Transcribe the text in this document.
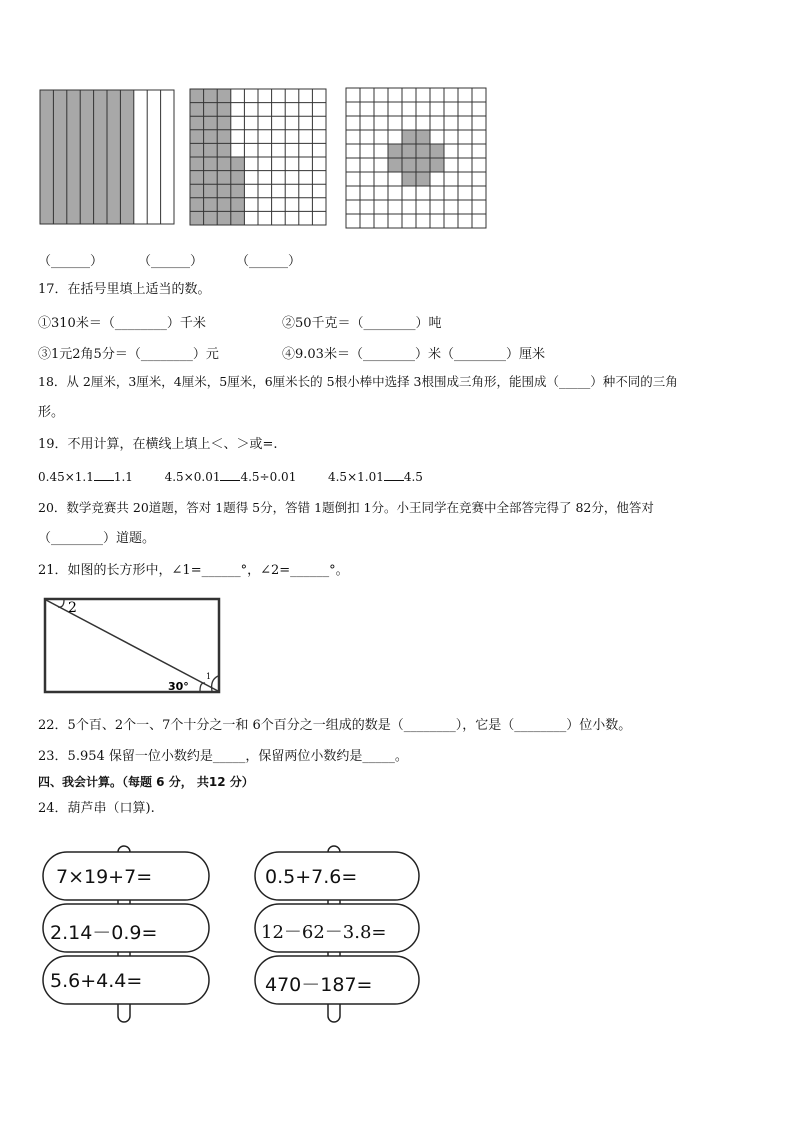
（______）	（______）	（______）
17．在括号里填上适当的数。
①310米＝（________）千米	②50千克＝（________）吨
③1元2角5分＝（________）元	④9.03米＝（________）米（________）厘米
18．从 2厘米，3厘米，4厘米，5厘米，6厘米长的 5根小棒中选择 3根围成三角形，能围成（_____）种不同的三角
形。
19．不用计算，在横线上填上＜、＞或=.
0.45×1.1 1.1	4.5×0.01 4.5÷0.01	4.5×1.01 4.5
20．数学竞赛共 20道题，答对 1题得 5分，答错 1题倒扣 1分。小王同学在竞赛中全部答完得了 82分，他答对
（________）道题。
21．如图的长方形中，∠1=______°，∠2=______°。
2
1
30°
22．5个百、2个一、7个十分之一和 6个百分之一组成的数是（________），它是（________）位小数。
23．5.954 保留一位小数约是_____，保留两位小数约是_____。
四、我会计算。（每题 6 分， 共12 分）
24．葫芦串（口算).
7×19+7=
2.14－0.9=
5.6+4.4=
0.5+7.6=
12－62－3.8=
470－187=
